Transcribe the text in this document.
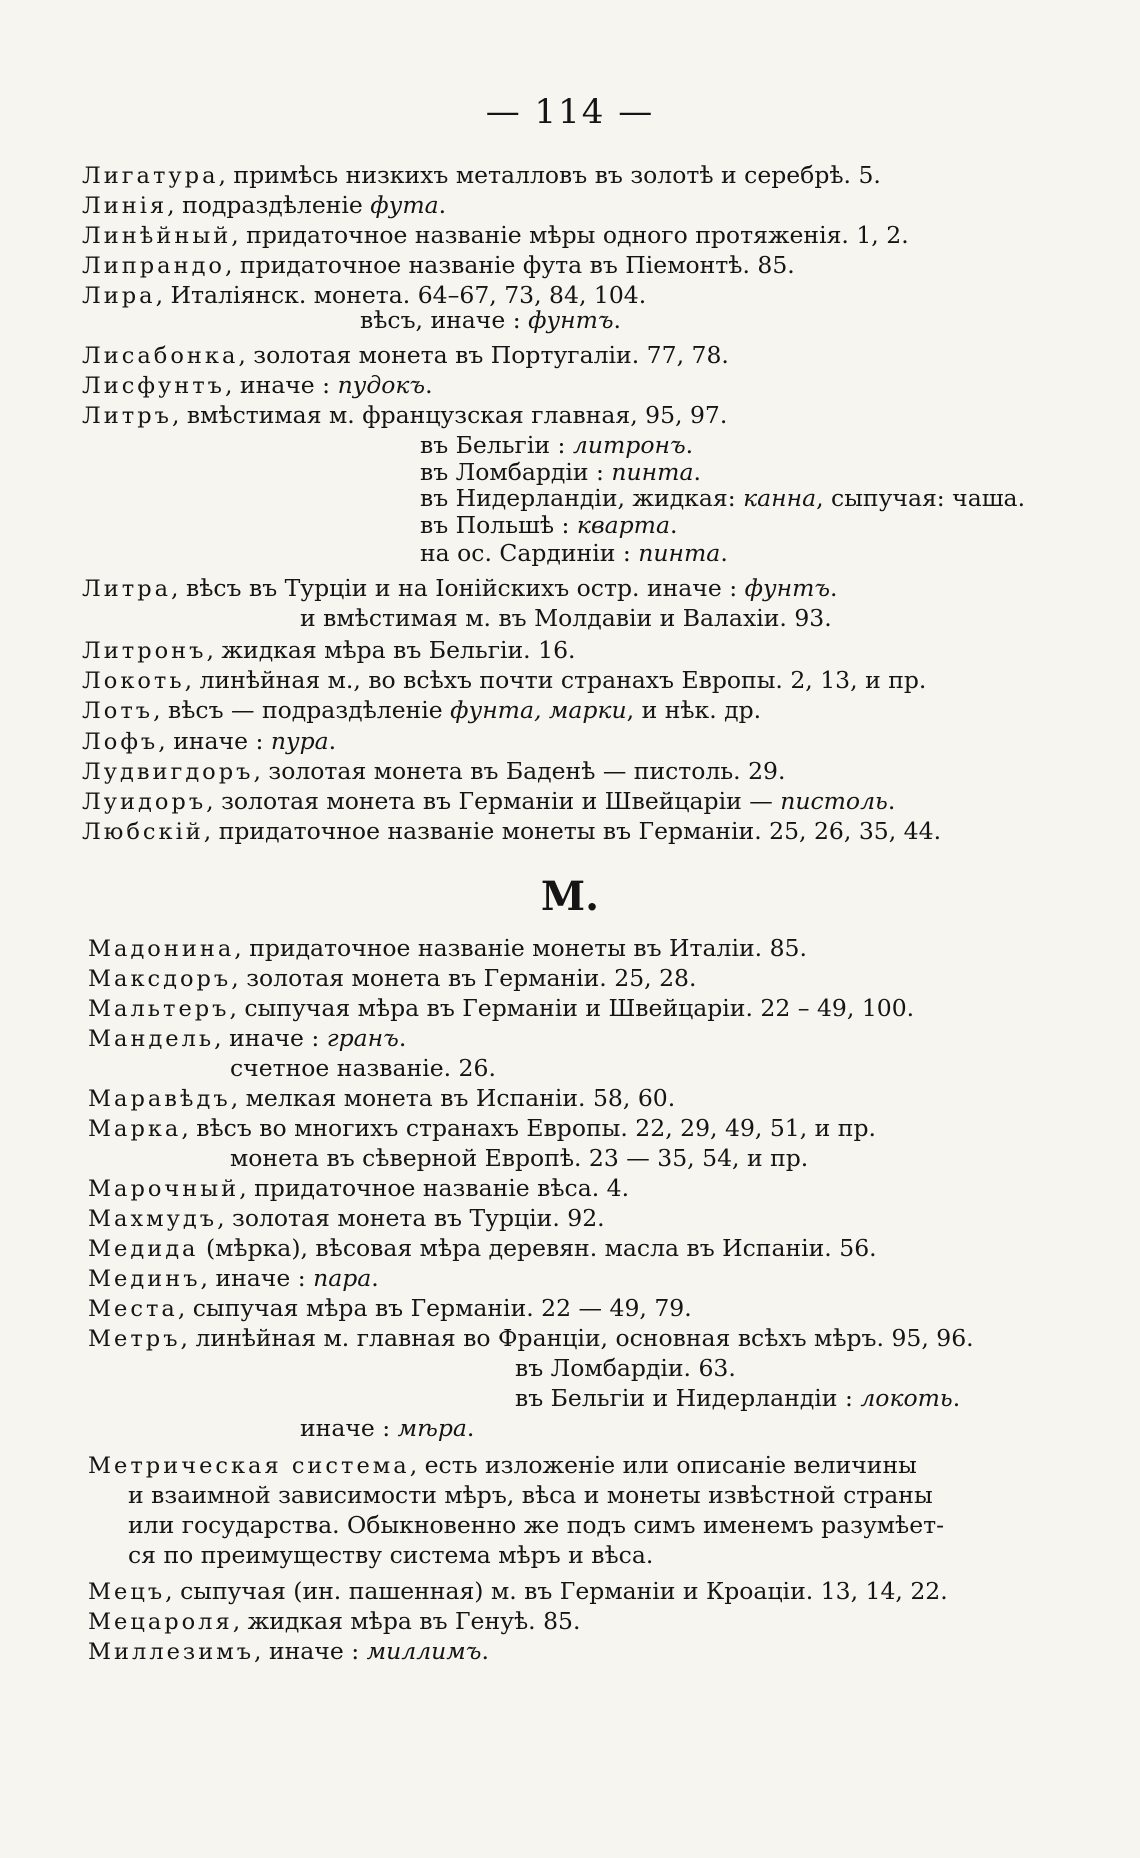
— 114 —
Лигатура, примѣсь низкихъ металловъ въ золотѣ и серебрѣ. 5.
Линія, подраздѣленіе фута.
Линѣйный, придаточное названіе мѣры одного протяженія. 1, 2.
Липрандо, придаточное названіе фута въ Піемонтѣ. 85.
Лира, Италіянск. монета. 64–67, 73, 84, 104.
вѣсъ, иначе : фунтъ.
Лисабонка, золотая монета въ Португаліи. 77, 78.
Лисфунтъ, иначе : пудокъ.
Литръ, вмѣстимая м. французская главная, 95, 97.
въ Бельгіи : литронъ.
въ Ломбардіи : пинта.
въ Нидерландіи, жидкая: канна, сыпучая: чаша.
въ Польшѣ : кварта.
на ос. Сардиніи : пинта.
Литра, вѣсъ въ Турціи и на Іонійскихъ остр. иначе : фунтъ.
и вмѣстимая м. въ Молдавіи и Валахіи. 93.
Литронъ, жидкая мѣра въ Бельгіи. 16.
Локоть, линѣйная м., во всѣхъ почти странахъ Европы. 2, 13, и пр.
Лотъ, вѣсъ — подраздѣленіе фунта, марки, и нѣк. др.
Лофъ, иначе : пура.
Лудвигдоръ, золотая монета въ Баденѣ — пистоль. 29.
Луидоръ, золотая монета въ Германіи и Швейцаріи — пистоль.
Любскій, придаточное названіе монеты въ Германіи. 25, 26, 35, 44.
Мадонина, придаточное названіе монеты въ Италіи. 85.
Максдоръ, золотая монета въ Германіи. 25, 28.
Мальтеръ, сыпучая мѣра въ Германіи и Швейцаріи. 22 – 49, 100.
Мандель, иначе : гранъ.
счетное названіе. 26.
Маравѣдъ, мелкая монета въ Испаніи. 58, 60.
Марка, вѣсъ во многихъ странахъ Европы. 22, 29, 49, 51, и пр.
монета въ сѣверной Европѣ. 23 — 35, 54, и пр.
Марочный, придаточное названіе вѣса. 4.
Махмудъ, золотая монета въ Турціи. 92.
Медида (мѣрка), вѣсовая мѣра деревян. масла въ Испаніи. 56.
Мединъ, иначе : пара.
Места, сыпучая мѣра въ Германіи. 22 — 49, 79.
Метръ, линѣйная м. главная во Франціи, основная всѣхъ мѣръ. 95, 96.
въ Ломбардіи. 63.
въ Бельгіи и Нидерландіи : локоть.
иначе : мѣра.
Метрическая система, есть изложеніе или описаніе величины
и взаимной зависимости мѣръ, вѣса и монеты извѣстной страны
или государства. Обыкновенно же подъ симъ именемъ разумѣет-
ся по преимуществу система мѣръ и вѣса.
Мецъ, сыпучая (ин. пашенная) м. въ Германіи и Кроаціи. 13, 14, 22.
Мецароля, жидкая мѣра въ Генуѣ. 85.
Миллезимъ, иначе : миллимъ.
M.
